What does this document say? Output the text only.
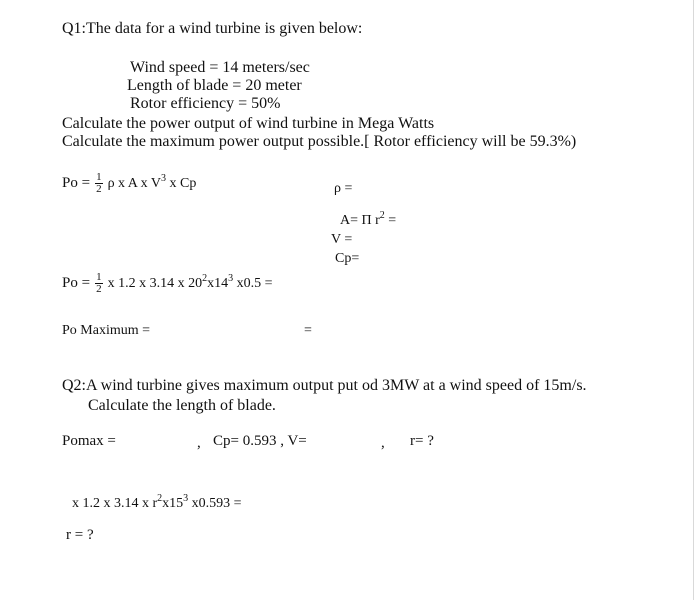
Q1:The data for a wind turbine is given below:
Wind speed = 14 meters/sec
Length of blade = 20 meter
Rotor efficiency = 50%
Calculate the power output of wind turbine in Mega Watts
Calculate the maximum power output possible.[ Rotor efficiency will be 59.3%)
$Po = \frac{1}{2}$ ρ x A x $V^3$ x Cp	ρ =
A= Π $r^2$ =
V =
Cp=
$Po = \frac{1}{2}$ x 1.2 x 3.14 x $20^2x14^3$ x0.5 =
Po Maximum =	=
Q2:A wind turbine gives maximum output put od 3MW at a wind speed of 15m/s.
Calculate the length of blade.
Pomax =	, Cp= 0.593 , V=	, r= ?
x 1.2 x 3.14 x $r^2x15^3$ x0.593 =
r = ?
